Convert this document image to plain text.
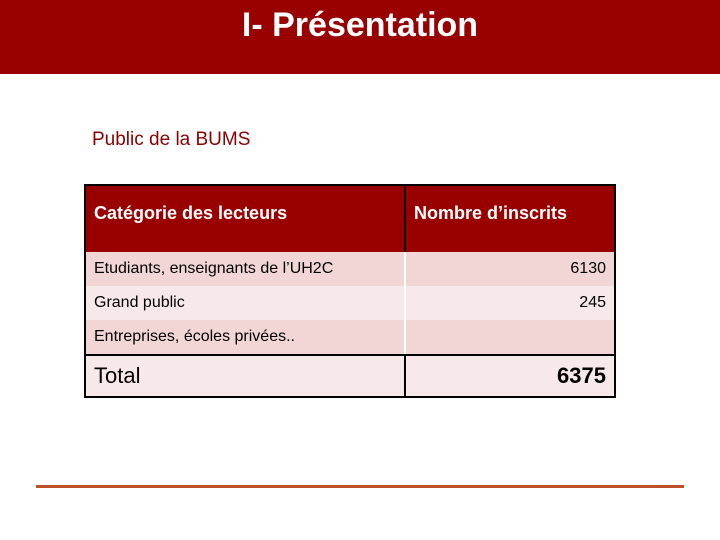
I- Présentation
Public de la BUMS
Catégorie des lecteurs	Nombre d’inscrits
Etudiants, enseignants de l’UH2C	6130
Grand public	245
Entreprises, écoles privées..	
Total	6375
